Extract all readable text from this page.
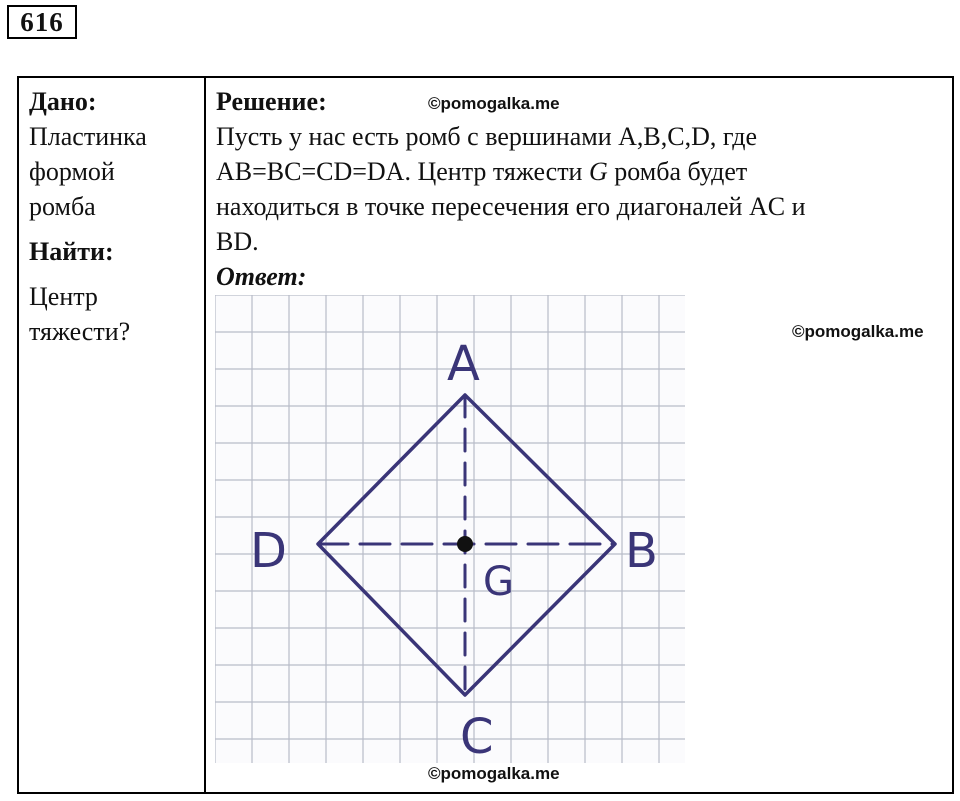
616
Дано:
Пластинка
формой
ромба
Найти:
Центр
тяжести?
Решение:
Пусть у нас есть ромб с вершинами A,B,C,D, где
AB=BC=CD=DA. Центр тяжести G ромба будет
находиться в точке пересечения его диагоналей AC и
BD.
Ответ:
©pomogalka.me
©pomogalka.me
©pomogalka.me
A
B
C
D
G
